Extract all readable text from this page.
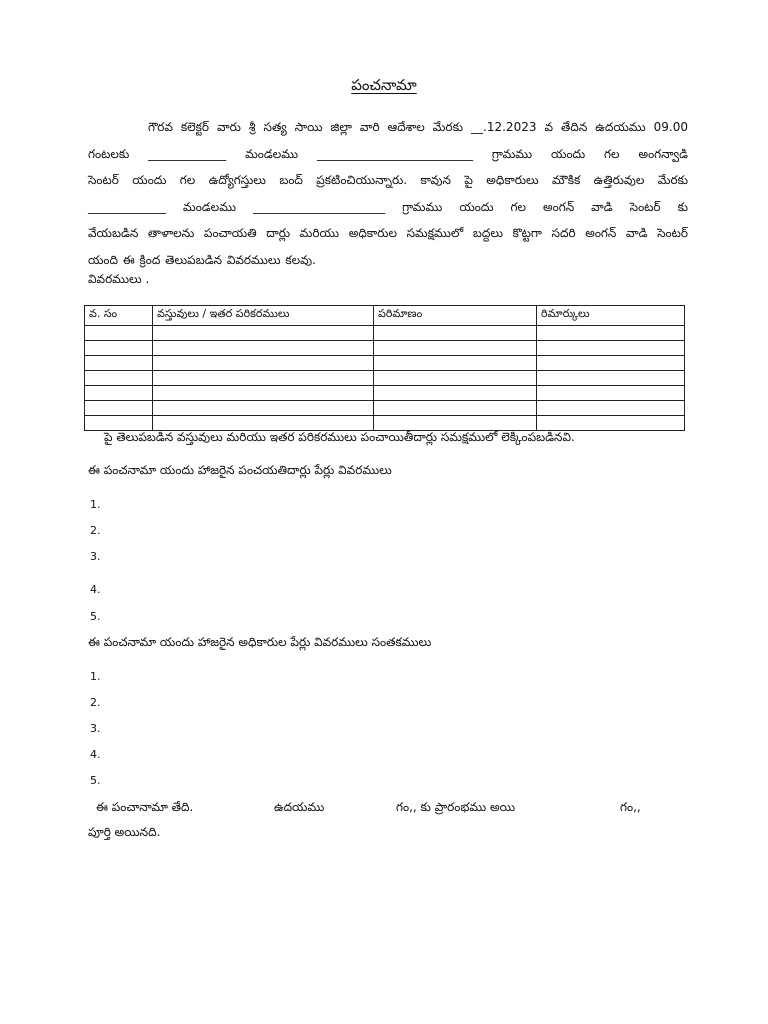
పంచనామా
గౌరవ కలెక్టర్ వారు శ్రీ సత్య సాయి జిల్లా వారి ఆదేశాల మేరకు __.12.2023 వ తేదిన ఉదయము 09.00
గంటలకు _____________ మండలము __________________________ గ్రామము యందు గల అంగన్వాడి
సెంటర్ యందు గల ఉద్యోగస్తులు బంద్ ప్రకటించియున్నారు. కావున పై అధికారులు మౌకిక ఉత్తిరువుల మేరకు
_____________ మండలము ______________________ గ్రామము యందు గల అంగన్ వాడి సెంటర్ కు
వేయబడిన తాళాలను పంచాయతి దార్లు మరియు అధికారుల సమక్షములో బద్దలు కొట్టగా సదరి అంగన్ వాడి సెంటర్
యంది ఈ క్రింద తెలుపబడిన వివరములు కలవు.
వివరములు .
వ. సం	వస్తువులు / ఇతర పరికరములు	పరిమాణం	రిమార్కులు

పై తెలుపబడిన వస్తువులు మరియు ఇతర పరికరములు పంచాయితీదార్లు సమక్షములో లెక్కింపబడినవి.
ఈ పంచనామా యందు హాజరైన పంచయతిదార్లు పేర్లు వివరములు
1.
2.
3.
4.
5.
ఈ పంచనామా యందు హాజరైన అధికారుల పేర్లు వివరములు సంతకములు
1.
2.
3.
4.
5.
ఈ పంచానామా తేది.	ఉదయము	గం,, కు ప్రారంభము అయి	గం,,
పూర్తి అయినది.
